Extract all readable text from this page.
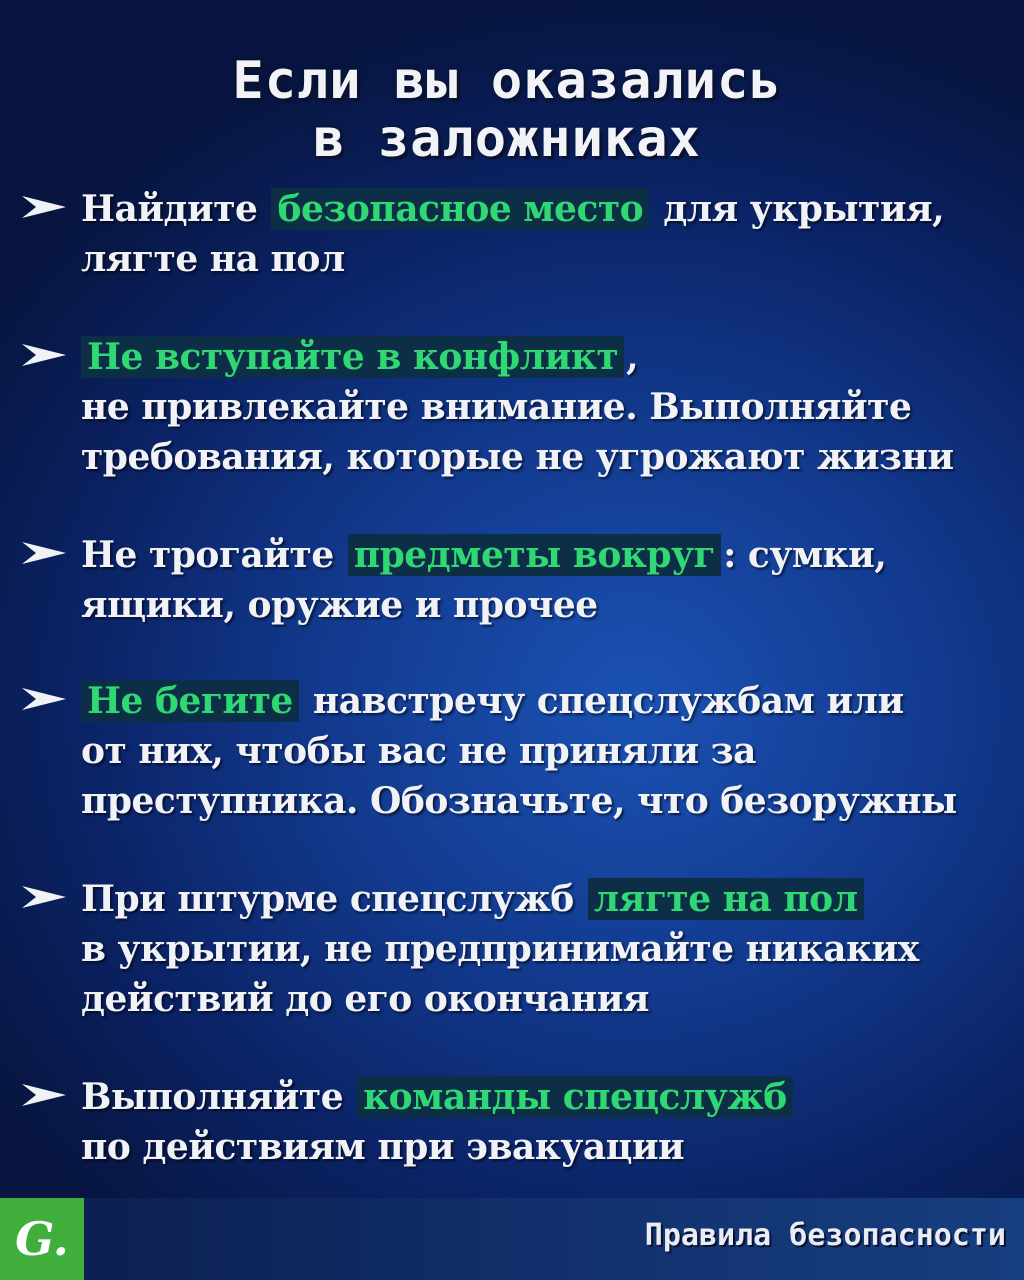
Если вы оказались
в заложниках
Найдите безопасное место для укрытия,
лягте на пол
Не вступайте в конфликт ,
не привлекайте внимание. Выполняйте
требования, которые не угрожают жизни
Не трогайте предметы вокруг : сумки,
ящики, оружие и прочее
Не бегите навстречу спецслужбам или
от них, чтобы вас не приняли за
преступника. Обозначьте, что безоружны
При штурме спецслужб лягте на пол
в укрытии, не предпринимайте никаких
действий до его окончания
Выполняйте команды спецслужб
по действиям при эвакуации
G.	Правила безопасности
